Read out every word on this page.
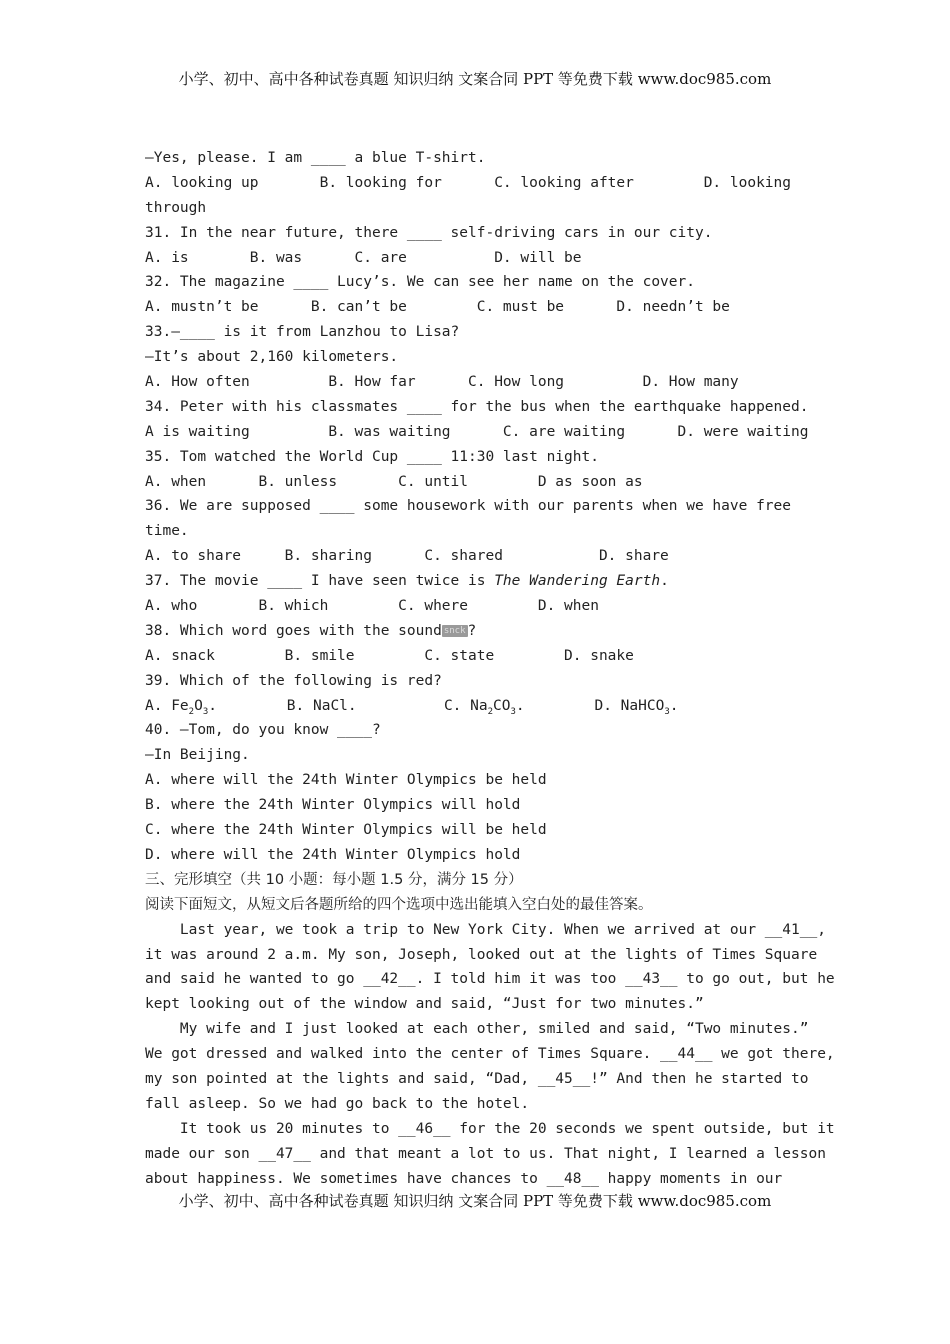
小学、初中、高中各种试卷真题 知识归纳 文案合同 PPT 等免费下载 www.doc985.com
—Yes, please. I am ____ a blue T-shirt.
A. looking up       B. looking for      C. looking after        D. looking
through
31. In the near future, there ____ self-driving cars in our city.
A. is       B. was      C. are          D. will be
32. The magazine ____ Lucy’s. We can see her name on the cover.
A. mustn’t be      B. can’t be        C. must be      D. needn’t be
33.—____ is it from Lanzhou to Lisa?
—It’s about 2,160 kilometers.
A. How often         B. How far      C. How long         D. How many
34. Peter with his classmates ____ for the bus when the earthquake happened.
A is waiting         B. was waiting      C. are waiting      D. were waiting
35. Tom watched the World Cup ____ 11:30 last night.
A. when      B. unless       C. until        D as soon as
36. We are supposed ____ some housework with our parents when we have free
time.
A. to share     B. sharing      C. shared           D. share
37. The movie ____ I have seen twice is The Wandering Earth.
A. who       B. which        C. where        D. when
38. Which word goes with the sound snck ?
A. snack        B. smile        C. state        D. snake
39. Which of the following is red?
A. $Fe_2O_3$.        B. NaCl.          C. $Na_2CO_3$.        D. NaHCO$_3$.
40. —Tom, do you know ____?
—In Beijing.
A. where will the 24th Winter Olympics be held
B. where the 24th Winter Olympics will hold
C. where the 24th Winter Olympics will be held
D. where will the 24th Winter Olympics hold
三、完形填空（共 10 小题：每小题 1.5 分，满分 15 分）
阅读下面短文，从短文后各题所给的四个选项中选出能填入空白处的最佳答案。
Last year, we took a trip to New York City. When we arrived at our __41__,
it was around 2 a.m. My son, Joseph, looked out at the lights of Times Square
and said he wanted to go __42__. I told him it was too __43__ to go out, but he
kept looking out of the window and said, “Just for two minutes.”
My wife and I just looked at each other, smiled and said, “Two minutes.”
We got dressed and walked into the center of Times Square. __44__ we got there,
my son pointed at the lights and said, “Dad, __45__!” And then he started to
fall asleep. So we had go back to the hotel.
It took us 20 minutes to __46__ for the 20 seconds we spent outside, but it
made our son __47__ and that meant a lot to us. That night, I learned a lesson
about happiness. We sometimes have chances to __48__ happy moments in our
小学、初中、高中各种试卷真题 知识归纳 文案合同 PPT 等免费下载 www.doc985.com
